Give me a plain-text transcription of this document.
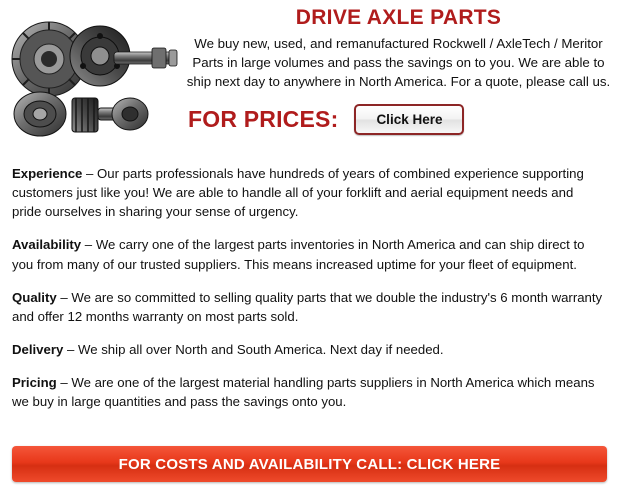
DRIVE AXLE PARTS

We buy new, used, and remanufactured Rockwell / AxleTech / Meritor Parts in large volumes and pass the savings on to you. We are able to ship next day to anywhere in North America. For a quote, please call us.

FOR PRICES:	Click Here

Experience – Our parts professionals have hundreds of years of combined experience supporting customers just like you! We are able to handle all of your forklift and aerial equipment needs and pride ourselves in sharing your sense of urgency.

Availability – We carry one of the largest parts inventories in North America and can ship direct to you from many of our trusted suppliers. This means increased uptime for your fleet of equipment.

Quality – We are so committed to selling quality parts that we double the industry's 6 month warranty and offer 12 months warranty on most parts sold.

Delivery – We ship all over North and South America. Next day if needed.

Pricing – We are one of the largest material handling parts suppliers in North America which means we buy in large quantities and pass the savings onto you.

FOR COSTS AND AVAILABILITY CALL: CLICK HERE
